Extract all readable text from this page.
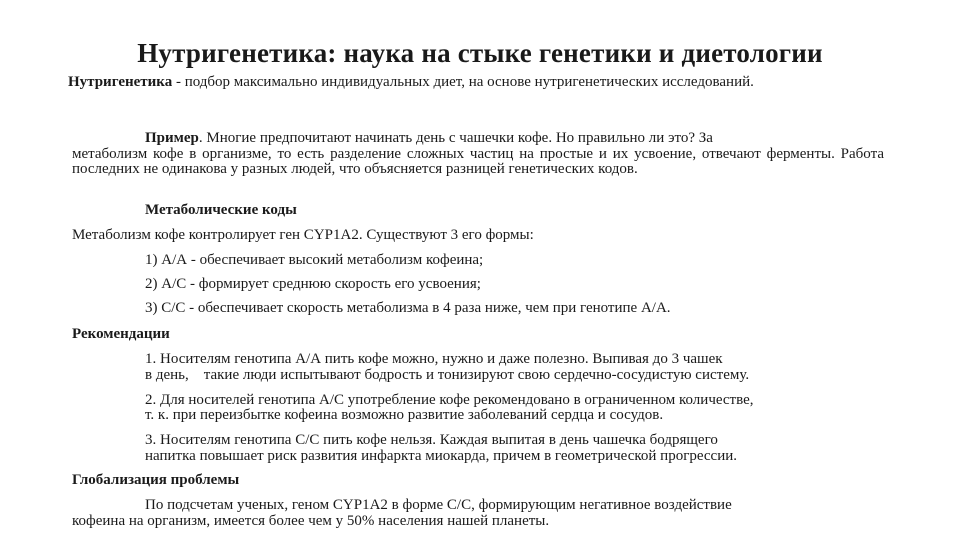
Нутригенетика: наука на стыке генетики и диетологии
Нутригенетика - подбор максимально индивидуальных диет, на основе нутригенетических исследований.
Пример. Многие предпочитают начинать день с чашечки кофе. Но правильно ли это? За
метаболизм кофе в организме, то есть разделение сложных частиц на простые и их усвоение, отвечают ферменты. Работа последних не одинакова у разных людей, что объясняется разницей генетических кодов.
Метаболические коды
Метаболизм кофе контролирует ген CYP1A2. Существуют 3 его формы:
1) А/А - обеспечивает высокий метаболизм кофеина;
2) А/С - формирует среднюю скорость его усвоения;
3) С/С - обеспечивает скорость метаболизма в 4 раза ниже, чем при генотипе А/А.
Рекомендации
1. Носителям генотипа А/А пить кофе можно, нужно и даже полезно. Выпивая до 3 чашек
в день,    такие люди испытывают бодрость и тонизируют свою сердечно-сосудистую систему.
2. Для носителей генотипа А/С употребление кофе рекомендовано в ограниченном количестве,
т. к. при переизбытке кофеина возможно развитие заболеваний сердца и сосудов.
3. Носителям генотипа С/С пить кофе нельзя. Каждая выпитая в день чашечка бодрящего
напитка повышает риск развития инфаркта миокарда, причем в геометрической прогрессии.
Глобализация проблемы
По подсчетам ученых, геном CYP1A2 в форме С/С, формирующим негативное воздействие
кофеина на организм, имеется более чем у 50% населения нашей планеты.
